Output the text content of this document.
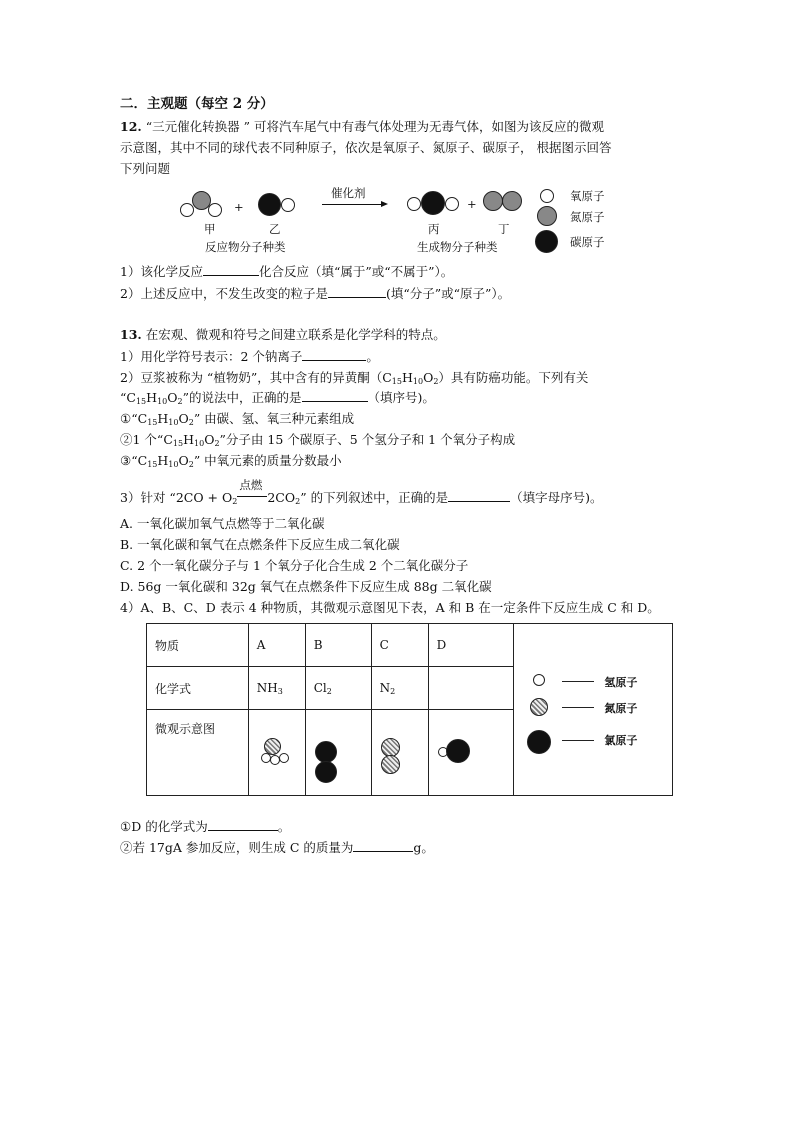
二．主观题（每空 2 分）
12. “三元催化转换器 ” 可将汽车尾气中有毒气体处理为无毒气体，如图为该反应的微观
示意图，其中不同的球代表不同种原子，依次是氧原子、氮原子、碳原子， 根据图示回答
下列问题
+
催化剂
+
甲	乙	丙	丁
反应物分子种类	生成物分子种类
氧原子
氮原子
碳原子
1）该化学反应	化合反应（填“属于”或“不属于”）。
2）上述反应中，不发生改变的粒子是	(填“分子”或“原子”）。
13. 在宏观、微观和符号之间建立联系是化学学科的特点。
1）用化学符号表示：2 个钠离子	。
2）豆浆被称为 “植物奶”，其中含有的异黄酮$(C_{15}H_{10}O_2)$具有防癌功能。下列有关
“$C_{15}H_{10}O_2$”的说法中，正确的是	（填序号)。
$①“C_{15}H_{10}O_2$” 由碳、氢、氧三种元素组成
②1 个“$C_{15}H_{10}O_2$”分子由 15 个碳原子、5 个氢分子和 1 个氧分子构成
$③“C_{15}H_{10}O_2$” 中氧元素的质量分数最小
3）针对 “$2CO + O_2$
点燃
$2CO_2$” 的下列叙述中，正确的是	（填字母序号)。
A. 一氧化碳加氧气点燃等于二氧化碳
B. 一氧化碳和氧气在点燃条件下反应生成二氧化碳
C. 2 个一氧化碳分子与 1 个氧分子化合生成 2 个二氧化碳分子
D. 56g 一氧化碳和 32g 氧气在点燃条件下反应生成 88g 二氧化碳
4）A、B、C、D 表示 4 种物质，其微观示意图见下表，A 和 B 在一定条件下反应生成 C 和 D。
物质	A	B	C	D	氢原子
氮原子
氯原子

化学式	$NH_3$	$Cl_2$	$N_2$	
微观示意图		

①D 的化学式为	。
②若 17gA 参加反应，则生成 C 的质量为	g。
